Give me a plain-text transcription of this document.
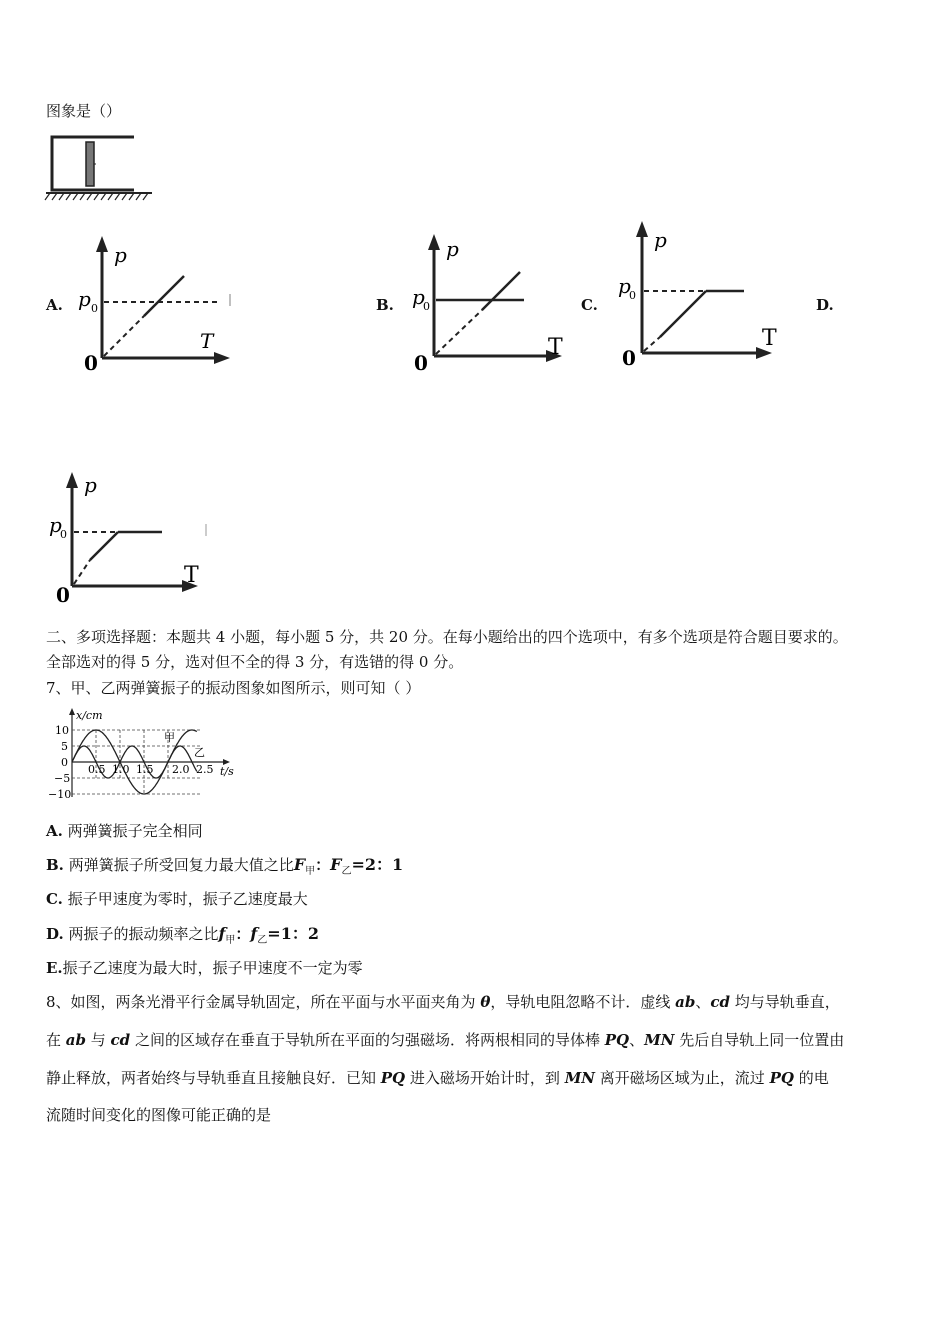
图象是（）
A.	B.	C.	D.
p
T
0
p 0
p
T
0
p
0
p
T
0
p
0
p
T
0
p
0
二、多项选择题：本题共 4 小题，每小题 5 分，共 20 分。在每小题给出的四个选项中，有多个选项是符合题目要求的。
全部选对的得 5 分，选对但不全的得 3 分，有选错的得 0 分。
7、甲、乙两弹簧振子的振动图象如图所示，则可知（ ）
x/cm
t/s
10
5
0
−5
−10
0.5 1.0 1.5 2.0 2.5
甲
乙
A. 两弹簧振子完全相同
B. 两弹簧振子所受回复力最大值之比$F_甲$：$F_乙=2$：1
C. 振子甲速度为零时，振子乙速度最大
D. 两振子的振动频率之比$f_甲$：$f_乙=1$：2
E.振子乙速度为最大时，振子甲速度不一定为零
8、如图，两条光滑平行金属导轨固定，所在平面与水平面夹角为 θ，导轨电阻忽略不计．虚线 ab、cd 均与导轨垂直，
在 ab 与 cd 之间的区域存在垂直于导轨所在平面的匀强磁场．将两根相同的导体棒 PQ、MN 先后自导轨上同一位置由
静止释放，两者始终与导轨垂直且接触良好．已知 PQ 进入磁场开始计时，到 MN 离开磁场区域为止，流过 PQ 的电
流随时间变化的图像可能正确的是
